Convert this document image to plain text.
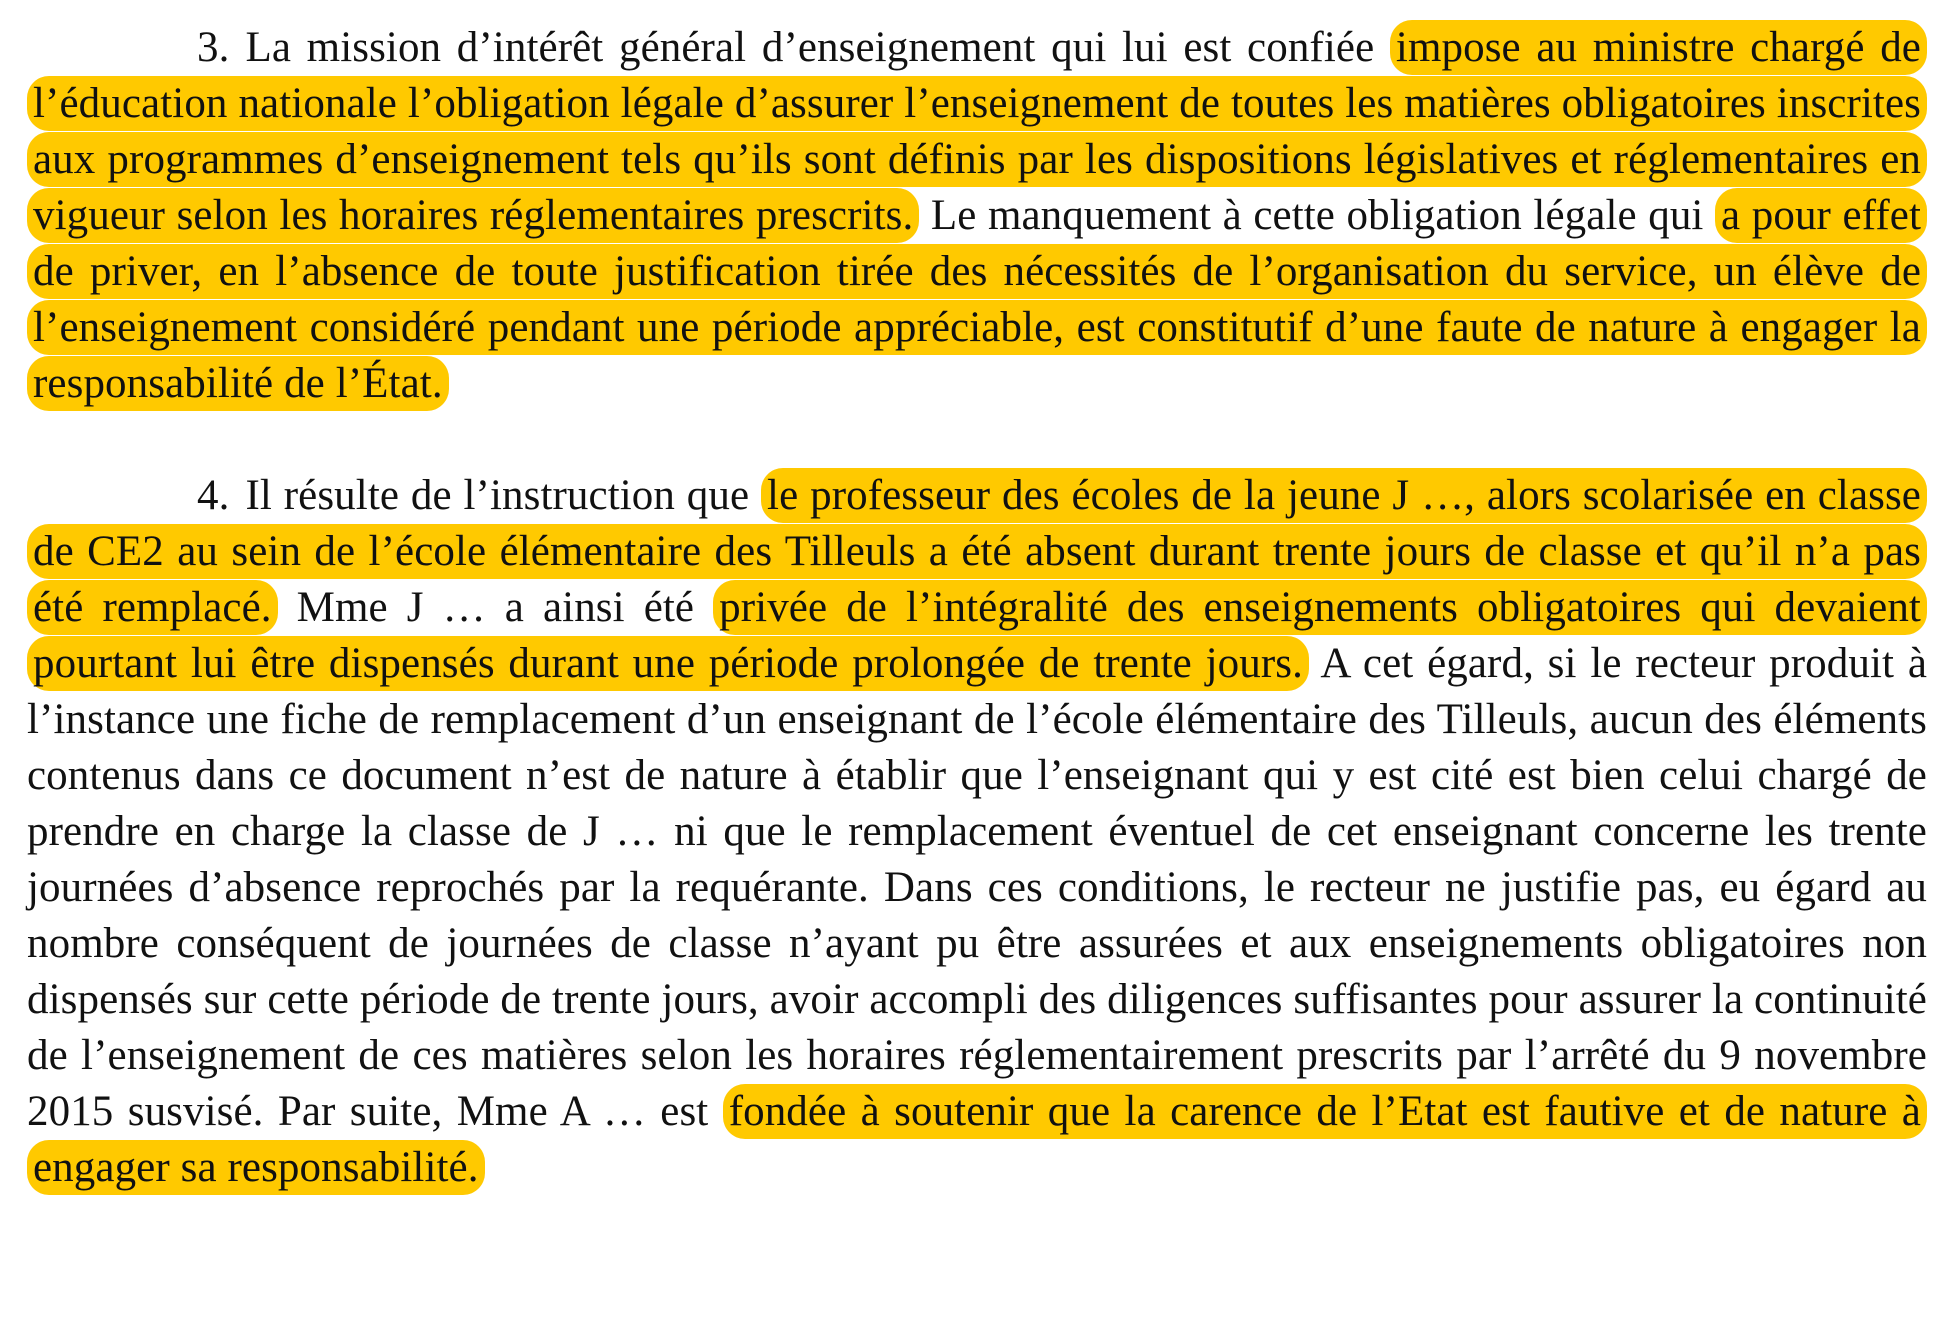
3. La mission d’intérêt général d’enseignement qui lui est confiée impose au ministre chargé de l’éducation nationale l’obligation légale d’assurer l’enseignement de toutes les matières obligatoires inscrites aux programmes d’enseignement tels qu’ils sont définis par les dispositions législatives et réglementaires en vigueur selon les horaires réglementaires prescrits. Le manquement à cette obligation légale qui a pour effet de priver, en l’absence de toute justification tirée des nécessités de l’organisation du service, un élève de l’enseignement considéré pendant une période appréciable, est constitutif d’une faute de nature à engager la responsabilité de l’État.

4. Il résulte de l’instruction que le professeur des écoles de la jeune J …, alors scolarisée en classe de CE2 au sein de l’école élémentaire des Tilleuls a été absent durant trente jours de classe et qu’il n’a pas été remplacé. Mme J … a ainsi été privée de l’intégralité des enseignements obligatoires qui devaient pourtant lui être dispensés durant une période prolongée de trente jours. A cet égard, si le recteur produit à l’instance une fiche de remplacement d’un enseignant de l’école élémentaire des Tilleuls, aucun des éléments contenus dans ce document n’est de nature à établir que l’enseignant qui y est cité est bien celui chargé de prendre en charge la classe de J … ni que le remplacement éventuel de cet enseignant concerne les trente journées d’absence reprochés par la requérante. Dans ces conditions, le recteur ne justifie pas, eu égard au nombre conséquent de journées de classe n’ayant pu être assurées et aux enseignements obligatoires non dispensés sur cette période de trente jours, avoir accompli des diligences suffisantes pour assurer la continuité de l’enseignement de ces matières selon les horaires réglementairement prescrits par l’arrêté du 9 novembre 2015 susvisé. Par suite, Mme A … est fondée à soutenir que la carence de l’Etat est fautive et de nature à engager sa responsabilité.
